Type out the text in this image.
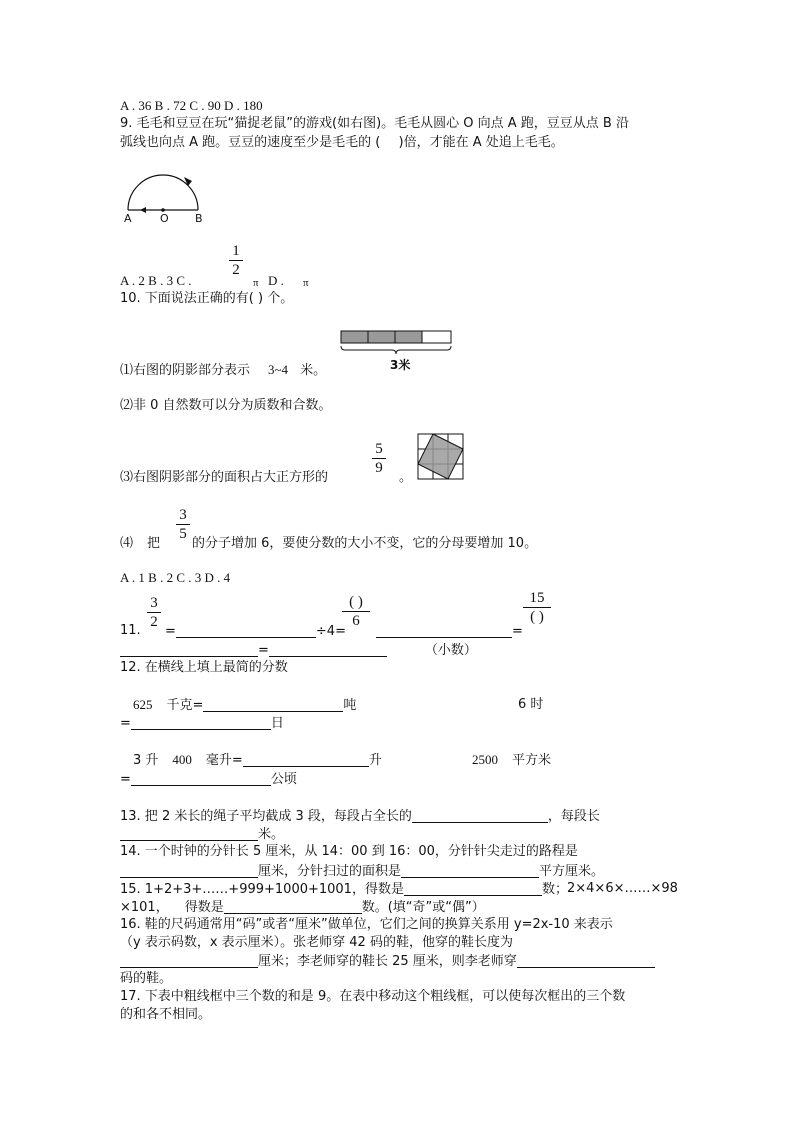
A . 36 B . 72 C . 90 D . 180
9. 毛毛和豆豆在玩“猫捉老鼠”的游戏(如右图)。毛毛从圆心 O 向点 A 跑，豆豆从点 B 沿
弧线也向点 A 跑。豆豆的速度至少是毛毛的 ( )倍，才能在 A 处追上毛毛。
A	O B
A . 2 B . 3 C .
1
2
π D . π
10. 下面说法正确的有( ) 个。
3米
⑴右图的阴影部分表示 3~4 米。
⑵非 0 自然数可以分为质数和合数。
⑶右图阴影部分的面积占大正方形的
5
9
。
⑷ 把
3
5
的分子增加 6，要使分数的大小不变，它的分母要增加 10。
A . 1 B . 2 C . 3 D . 4
3
2
11. =	÷4=
( )
6
=
15
( )
=	（小数）
12. 在横线上填上最简的分数
625 千克=	吨	6 时
=	日
3 升 400 毫升=	升	2500 平方米
=	公顷
13. 把 2 米长的绳子平均截成 3 段，每段占全长的	，每段长
米。
14. 一个时钟的分针长 5 厘米，从 14：00 到 16：00，分针针尖走过的路程是
厘米，分针扫过的面积是	平方厘米。
15. 1+2+3+……+999+1000+1001，得数是	数； 2×4×6×……×98
×101， 得数是	数。(填“奇”或“偶”）
16. 鞋的尺码通常用“码”或者“厘米”做单位，它们之间的换算关系用 y=2x-10 来表示
（y 表示码数，x 表示厘米）。张老师穿 42 码的鞋，他穿的鞋长度为
厘米；李老师穿的鞋长 25 厘米，则李老师穿
码的鞋。
17. 下表中粗线框中三个数的和是 9。在表中移动这个粗线框，可以使每次框出的三个数
的和各不相同。
